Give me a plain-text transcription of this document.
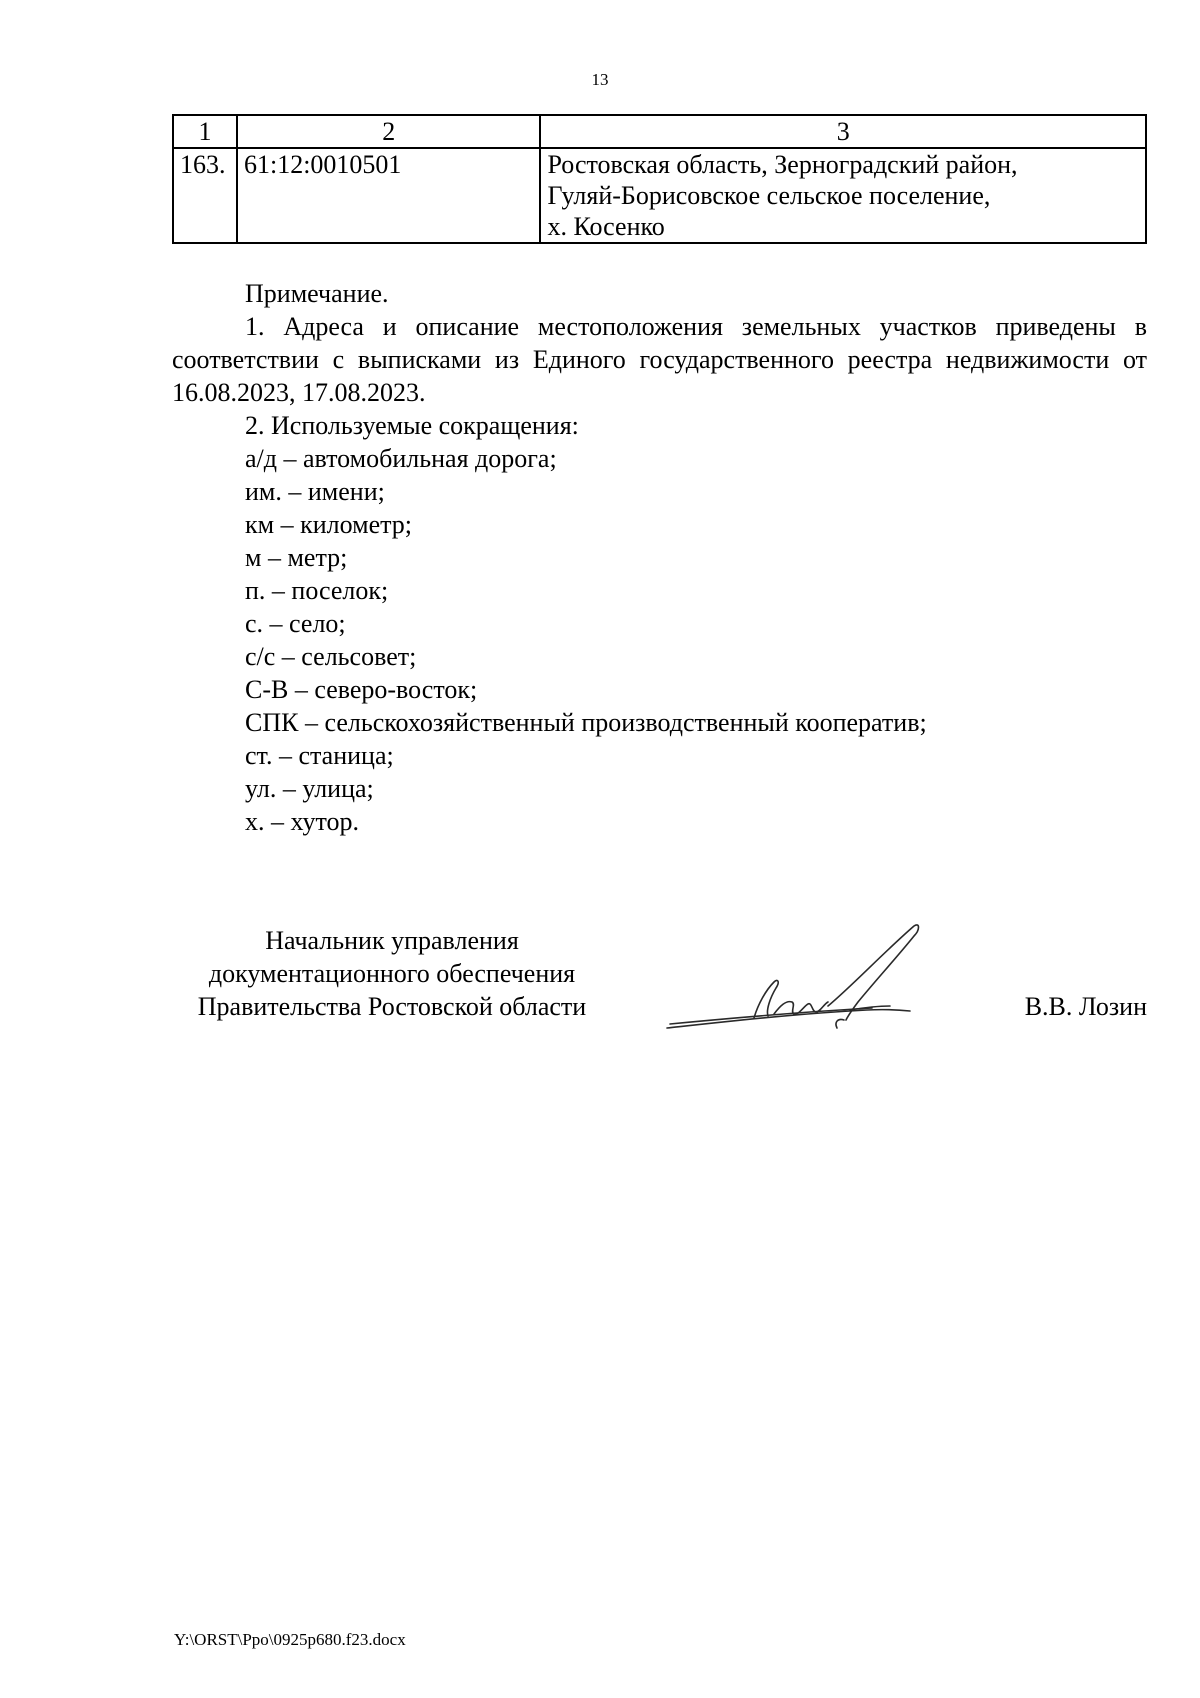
13
1	2	3
163.	61:12:0010501	Ростовская область, Зерноградский район,
Гуляй-Борисовское сельское поселение,
х. Косенко

Примечание.

1. Адреса и описание местоположения земельных участков приведены в соответствии с выписками из Единого государственного реестра недвижимости от 16.08.2023, 17.08.2023.

2. Используемые сокращения:

а/д – автомобильная дорога;
им. – имени;
км – километр;
м – метр;
п. – поселок;
с. – село;
с/с – сельсовет;
С-В – северо-восток;
СПК – сельскохозяйственный производственный кооператив;
ст. – станица;
ул. – улица;
х. – хутор.
Начальник управления
документационного обеспечения
Правительства Ростовской области	В.В. Лозин
Y:\ORST\Ppo\0925p680.f23.docx
